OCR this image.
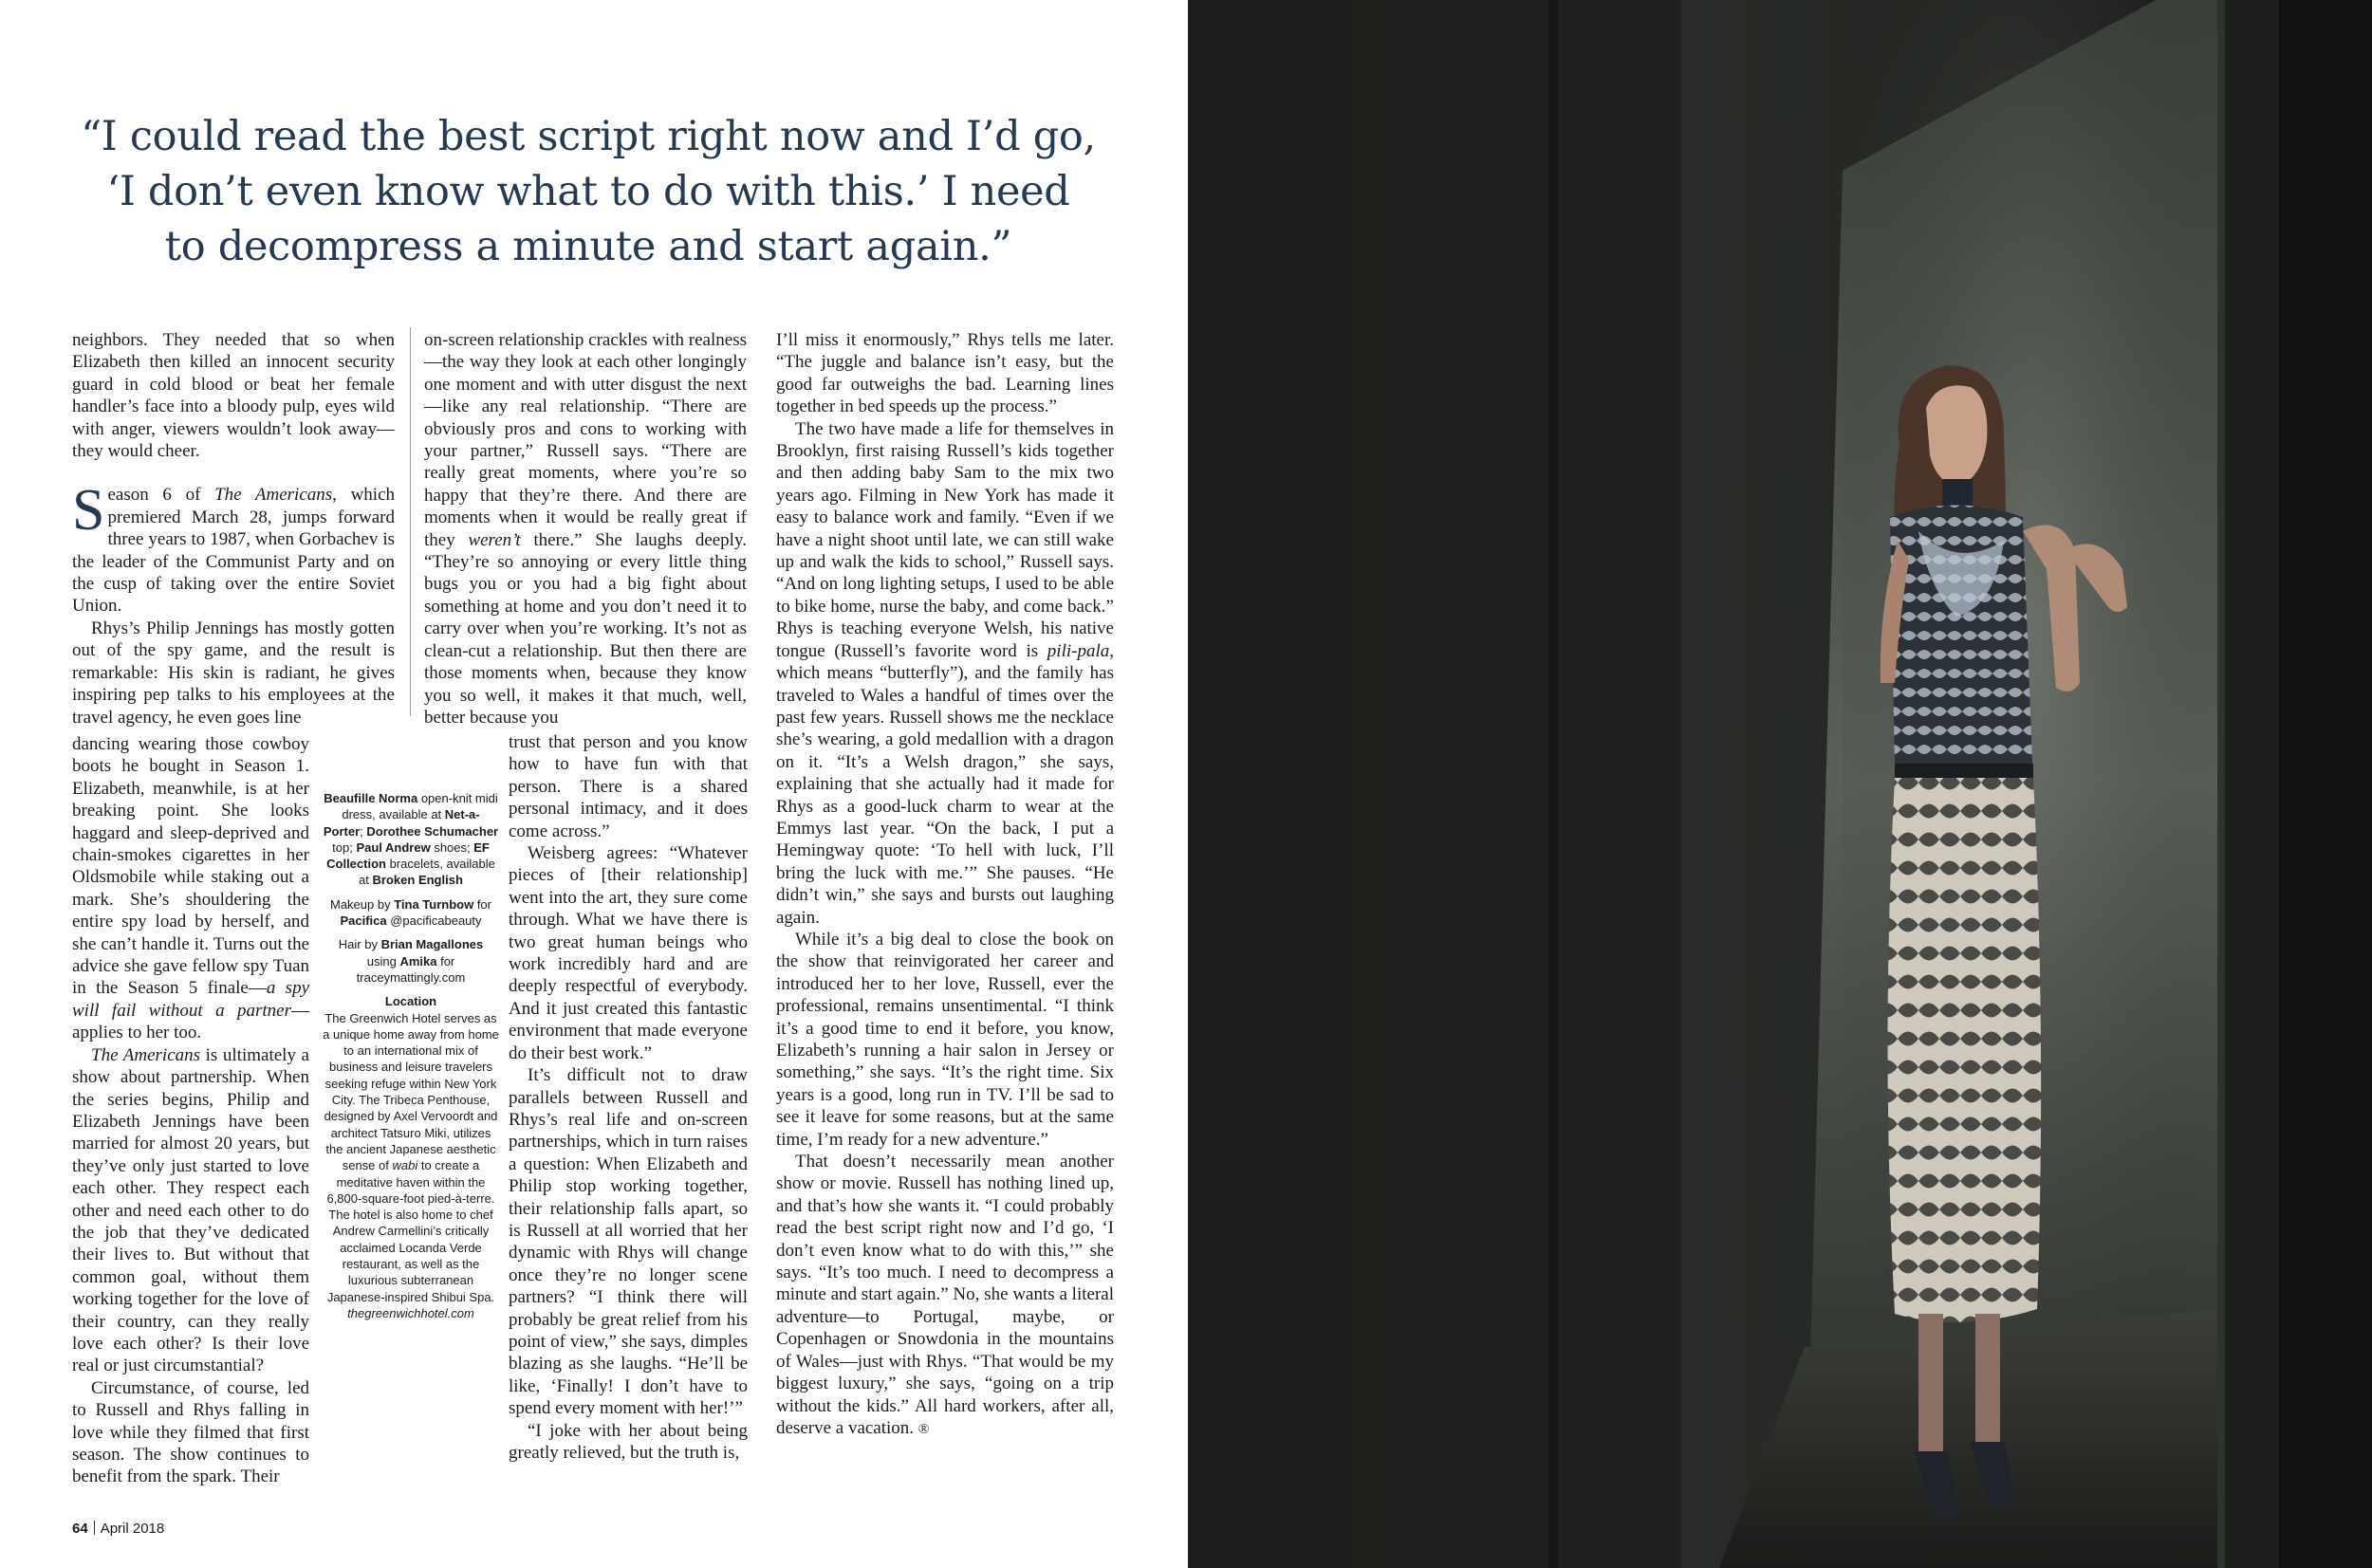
“I could read the best script right now and I’d go,
‘I don’t even know what to do with this.’ I need
to decompress a minute and start again.”

neighbors. They needed that so when Elizabeth then killed an innocent security guard in cold blood or beat her female handler’s face into a bloody pulp, eyes wild with anger, viewers wouldn’t look away—they would cheer.

Season 6 of The Americans, which premiered March 28, jumps forward three years to 1987, when Gorbachev is the leader of the Communist Party and on the cusp of taking over the entire Soviet Union.

Rhys’s Philip Jennings has mostly gotten out of the spy game, and the result is remarkable: His skin is radiant, he gives inspiring pep talks to his employees at the travel agency, he even goes line

dancing wearing those cowboy boots he bought in Season 1. Elizabeth, meanwhile, is at her breaking point. She looks haggard and sleep-deprived and chain-smokes cigarettes in her Oldsmobile while staking out a mark. She’s shouldering the entire spy load by herself, and she can’t handle it. Turns out the advice she gave fellow spy Tuan in the Season 5 finale—a spy will fail without a partner—applies to her too.

The Americans is ultimately a show about partnership. When the series begins, Philip and Elizabeth Jennings have been married for almost 20 years, but they’ve only just started to love each other. They respect each other and need each other to do the job that they’ve dedicated their lives to. But without that common goal, without them working together for the love of their country, can they really love each other? Is their love real or just circumstantial?

Circumstance, of course, led to Russell and Rhys falling in love while they filmed that first season. The show continues to benefit from the spark. Their

on-screen relationship crackles with realness—the way they look at each other longingly one moment and with utter disgust the next—like any real relationship. “There are obviously pros and cons to working with your partner,” Russell says. “There are really great moments, where you’re so happy that they’re there. And there are moments when it would be really great if they weren’t there.” She laughs deeply. “They’re so annoying or every little thing bugs you or you had a big fight about something at home and you don’t need it to carry over when you’re working. It’s not as clean-cut a relationship. But then there are those moments when, because they know you so well, it makes it that much, well, better because you

trust that person and you know how to have fun with that person. There is a shared personal intimacy, and it does come across.”

Weisberg agrees: “Whatever pieces of [their relationship] went into the art, they sure come through. What we have there is two great human beings who work incredibly hard and are deeply respectful of everybody. And it just created this fantastic environment that made everyone do their best work.”

It’s difficult not to draw parallels between Russell and Rhys’s real life and on-screen partnerships, which in turn raises a question: When Elizabeth and Philip stop working together, their relationship falls apart, so is Russell at all worried that her dynamic with Rhys will change once they’re no longer scene partners? “I think there will probably be great relief from his point of view,” she says, dimples blazing as she laughs. “He’ll be like, ‘Finally! I don’t have to spend every moment with her!’”

“I joke with her about being greatly relieved, but the truth is,

Beaufille Norma open-knit midi dress, available at Net-a-Porter; Dorothee Schumacher top; Paul Andrew shoes; EF Collection bracelets, available at Broken English

Makeup by Tina Turnbow for Pacifica @pacificabeauty

Hair by Brian Magallones using Amika for traceymattingly.com

Location

The Greenwich Hotel serves as a unique home away from home to an international mix of business and leisure travelers seeking refuge within New York City. The Tribeca Penthouse, designed by Axel Vervoordt and architect Tatsuro Miki, utilizes the ancient Japanese aesthetic sense of wabi to create a meditative haven within the 6,800-square-foot pied-à-terre. The hotel is also home to chef Andrew Carmellini’s critically acclaimed Locanda Verde restaurant, as well as the luxurious subterranean Japanese-inspired Shibui Spa. thegreenwichhotel.com

I’ll miss it enormously,” Rhys tells me later. “The juggle and balance isn’t easy, but the good far outweighs the bad. Learning lines together in bed speeds up the process.”

The two have made a life for themselves in Brooklyn, first raising Russell’s kids together and then adding baby Sam to the mix two years ago. Filming in New York has made it easy to balance work and family. “Even if we have a night shoot until late, we can still wake up and walk the kids to school,” Russell says. “And on long lighting setups, I used to be able to bike home, nurse the baby, and come back.” Rhys is teaching everyone Welsh, his native tongue (Russell’s favorite word is pili-pala, which means “butterfly”), and the family has traveled to Wales a handful of times over the past few years. Russell shows me the necklace she’s wearing, a gold medallion with a dragon on it. “It’s a Welsh dragon,” she says, explaining that she actually had it made for Rhys as a good-luck charm to wear at the Emmys last year. “On the back, I put a Hemingway quote: ‘To hell with luck, I’ll bring the luck with me.’” She pauses. “He didn’t win,” she says and bursts out laughing again.

While it’s a big deal to close the book on the show that reinvigorated her career and introduced her to her love, Russell, ever the professional, remains unsentimental. “I think it’s a good time to end it before, you know, Elizabeth’s running a hair salon in Jersey or something,” she says. “It’s the right time. Six years is a good, long run in TV. I’ll be sad to see it leave for some reasons, but at the same time, I’m ready for a new adventure.”

That doesn’t necessarily mean another show or movie. Russell has nothing lined up, and that’s how she wants it. “I could probably read the best script right now and I’d go, ‘I don’t even know what to do with this,’” she says. “It’s too much. I need to decompress a minute and start again.” No, she wants a literal adventure—to Portugal, maybe, or Copenhagen or Snowdonia in the mountains of Wales—just with Rhys. “That would be my biggest luxury,” she says, “going on a trip without the kids.” All hard workers, after all, deserve a vacation. ®

64 April 2018
